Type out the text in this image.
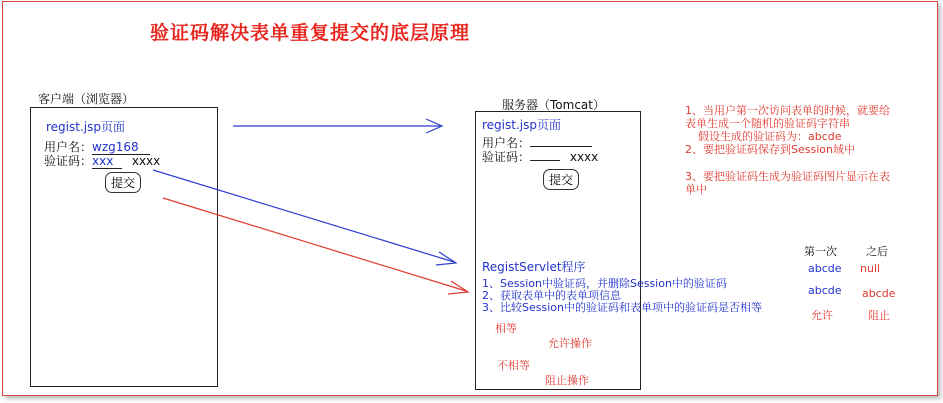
验证码解决表单重复提交的底层原理
客户端（浏览器）
regist.jsp页面
用户名：wzg168
验证码：xxx xxxx
提交
服务器（Tomcat）
regist.jsp页面
用户名：
验证码：	xxxx
提交
RegistServlet程序
1、Session中验证码，并删除Session中的验证码
2、获取表单中的表单项信息
3、比较Session中的验证码和表单项中的验证码是否相等
相等
允许操作
不相等
阻止操作
1、当用户第一次访问表单的时候，就要给
表单生成一个随机的验证码字符串
假设生成的验证码为：abcde
2、要把验证码保存到Session域中
3、要把验证码生成为验证码图片显示在表
单中
第一次	之后
abcde null
abcde abcde
允许	阻止
